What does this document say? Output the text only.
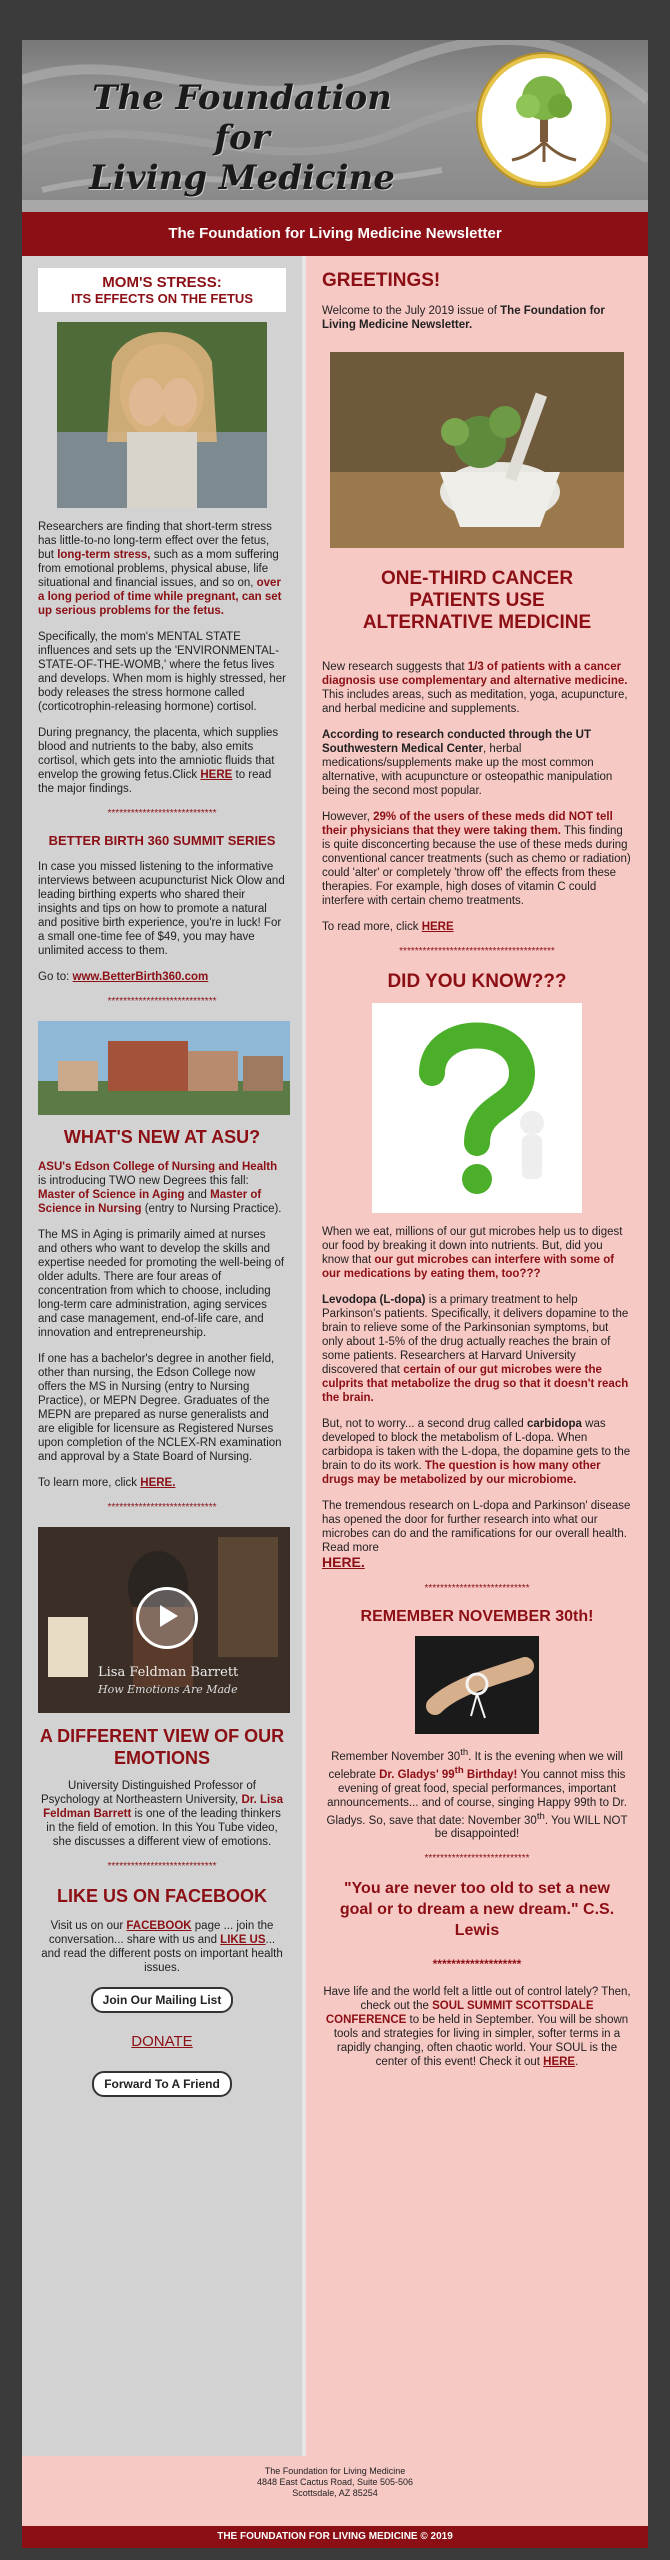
The Foundation for
Living Medicine
The Foundation for Living Medicine Newsletter
MOM'S STRESS:
ITS EFFECTS ON THE FETUS

Researchers are finding that short-term stress has little-to-no long-term effect over the fetus, but long-term stress, such as a mom suffering from emotional problems, physical abuse, life situational and financial issues, and so on, over a long period of time while pregnant, can set up serious problems for the fetus.

Specifically, the mom's MENTAL STATE influences and sets up the 'ENVIRONMENTAL-STATE-OF-THE-WOMB,' where the fetus lives and develops. When mom is highly stressed, her body releases the stress hormone called (corticotrophin-releasing hormone) cortisol.

During pregnancy, the placenta, which supplies blood and nutrients to the baby, also emits cortisol, which gets into the amniotic fluids that envelop the growing fetus.Click HERE to read the major findings.

****************************
BETTER BIRTH 360 SUMMIT SERIES

In case you missed listening to the informative interviews between acupuncturist Nick Olow and leading birthing experts who shared their insights and tips on how to promote a natural and positive birth experience, you're in luck! For a small one-time fee of $49, you may have unlimited access to them.

Go to: www.BetterBirth360.com

****************************
WHAT'S NEW AT ASU?

ASU's Edson College of Nursing and Health is introducing TWO new Degrees this fall: Master of Science in Aging and Master of Science in Nursing (entry to Nursing Practice).

The MS in Aging is primarily aimed at nurses and others who want to develop the skills and expertise needed for promoting the well-being of older adults. There are four areas of concentration from which to choose, including long-term care administration, aging services and case management, end-of-life care, and innovation and entrepreneurship.

If one has a bachelor's degree in another field, other than nursing, the Edson College now offers the MS in Nursing (entry to Nursing Practice), or MEPN Degree. Graduates of the MEPN are prepared as nurse generalists and are eligible for licensure as Registered Nurses upon completion of the NCLEX-RN examination and approval by a State Board of Nursing.

To learn more, click HERE.

****************************
Lisa Feldman Barrett
How Emotions Are Made
A DIFFERENT VIEW OF OUR EMOTIONS

University Distinguished Professor of Psychology at Northeastern University, Dr. Lisa Feldman Barrett is one of the leading thinkers in the field of emotion. In this You Tube video, she discusses a different view of emotions.

****************************
LIKE US ON FACEBOOK

Visit us on our FACEBOOK page ... join the conversation... share with us and LIKE US... and read the different posts on important health issues.

Join Our Mailing List
DONATE
Forward To A Friend
GREETINGS!

Welcome to the July 2019 issue of The Foundation for Living Medicine Newsletter.

ONE-THIRD CANCER PATIENTS USE ALTERNATIVE MEDICINE

New research suggests that 1/3 of patients with a cancer diagnosis use complementary and alternative medicine. This includes areas, such as meditation, yoga, acupuncture, and herbal medicine and supplements.

According to research conducted through the UT Southwestern Medical Center, herbal medications/supplements make up the most common alternative, with acupuncture or osteopathic manipulation being the second most popular.

However, 29% of the users of these meds did NOT tell their physicians that they were taking them. This finding is quite disconcerting because the use of these meds during conventional cancer treatments (such as chemo or radiation) could 'alter' or completely 'throw off' the effects from these therapies. For example, high doses of vitamin C could interfere with certain chemo treatments.

To read more, click HERE

****************************************
DID YOU KNOW???

When we eat, millions of our gut microbes help us to digest our food by breaking it down into nutrients. But, did you know that our gut microbes can interfere with some of our medications by eating them, too???

Levodopa (L-dopa) is a primary treatment to help Parkinson's patients. Specifically, it delivers dopamine to the brain to relieve some of the Parkinsonian symptoms, but only about 1-5% of the drug actually reaches the brain of some patients. Researchers at Harvard University discovered that certain of our gut microbes were the culprits that metabolize the drug so that it doesn't reach the brain.

But, not to worry... a second drug called carbidopa was developed to block the metabolism of L-dopa. When carbidopa is taken with the L-dopa, the dopamine gets to the brain to do its work. The question is how many other drugs may be metabolized by our microbiome.

The tremendous research on L-dopa and Parkinson' disease has opened the door for further research into what our microbes can do and the ramifications for our overall health. Read more
HERE.

***************************
REMEMBER NOVEMBER 30th!

Remember November 30th. It is the evening when we will celebrate Dr. Gladys' 99th Birthday! You cannot miss this evening of great food, special performances, important announcements... and of course, singing Happy 99th to Dr. Gladys. So, save that date: November 30th. You WILL NOT be disappointed!

***************************
"You are never too old to set a new goal or to dream a new dream." C.S. Lewis
*******************

Have life and the world felt a little out of control lately? Then, check out the SOUL SUMMIT SCOTTSDALE CONFERENCE to be held in September. You will be shown tools and strategies for living in simpler, softer terms in a rapidly changing, often chaotic world. Your SOUL is the center of this event! Check it out HERE.

The Foundation for Living Medicine
4848 East Cactus Road, Suite 505-506
Scottsdale, AZ 85254
THE FOUNDATION FOR LIVING MEDICINE © 2019
